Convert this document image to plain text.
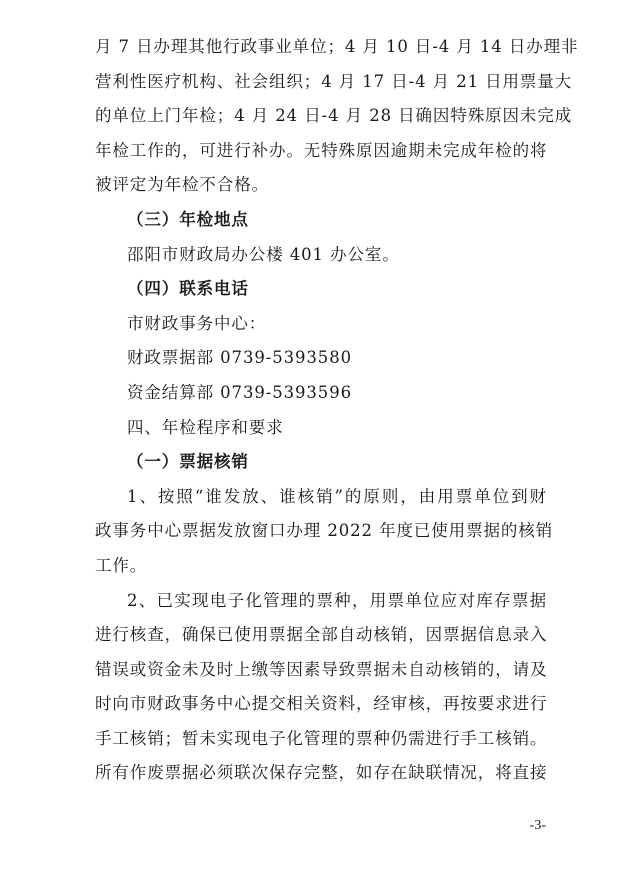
月 7 日办理其他行政事业单位；4 月 10 日-4 月 14 日办理非
营利性医疗机构、社会组织；4 月 17 日-4 月 21 日用票量大
的单位上门年检；4 月 24 日-4 月 28 日确因特殊原因未完成
年检工作的，可进行补办。无特殊原因逾期未完成年检的将
被评定为年检不合格。
（三）年检地点
邵阳市财政局办公楼 401 办公室。
（四）联系电话
市财政事务中心：
财政票据部 0739-5393580
资金结算部 0739-5393596
四、年检程序和要求
（一）票据核销
1、按照“谁发放、谁核销”的原则，由用票单位到财
政事务中心票据发放窗口办理 2022 年度已使用票据的核销
工作。
2、已实现电子化管理的票种，用票单位应对库存票据
进行核查，确保已使用票据全部自动核销，因票据信息录入
错误或资金未及时上缴等因素导致票据未自动核销的，请及
时向市财政事务中心提交相关资料，经审核，再按要求进行
手工核销；暂未实现电子化管理的票种仍需进行手工核销。
所有作废票据必须联次保存完整，如存在缺联情况，将直接
-3-
